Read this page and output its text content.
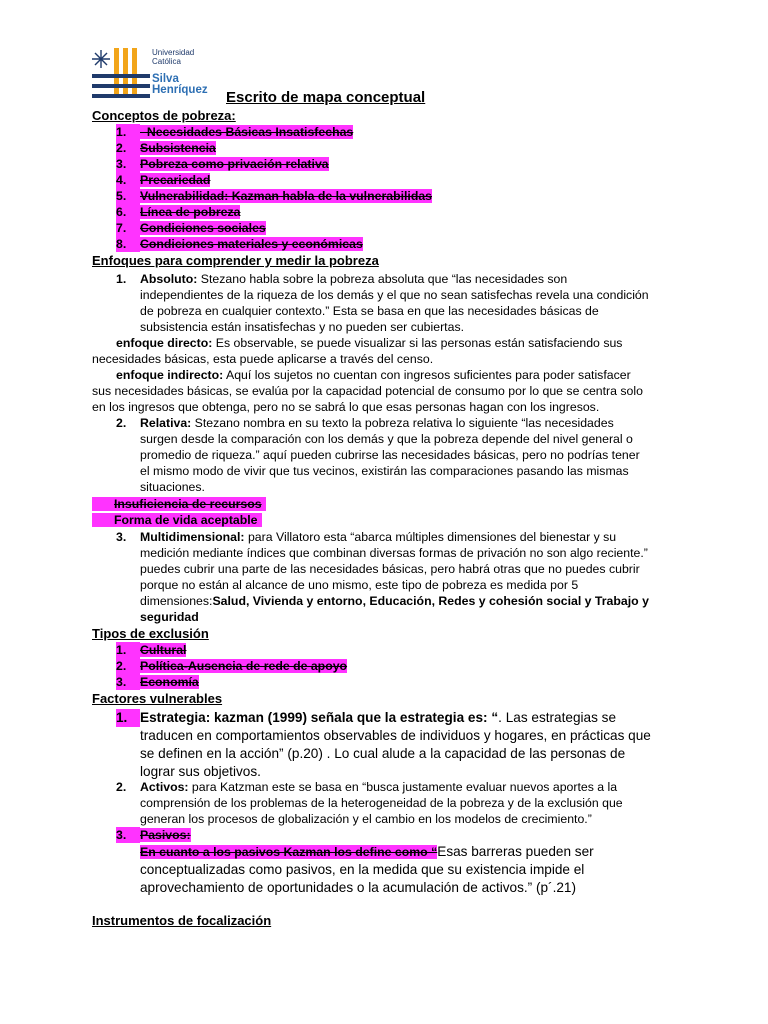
Universidad
Católica
Silva
Henríquez Escrito de mapa conceptual
Conceptos de pobreza:
1.  Necesidades Básicas Insatisfechas
2. Subsistencia
3. Pobreza como privación relativa
4. Precariedad
5. Vulnerabilidad: Kazman habla de la vulnerabilidas
6. Línea de pobreza
7. Condiciones sociales
8. Condiciones materiales y económicas
Enfoques para comprender y medir la pobreza
1. Absoluto: Stezano habla sobre la pobreza absoluta que “las necesidades son
independientes de la riqueza de los demás y el que no sean satisfechas revela una condición
de pobreza en cualquier contexto.” Esta se basa en que las necesidades básicas de
subsistencia están insatisfechas y no pueden ser cubiertas.
enfoque directo: Es observable, se puede visualizar si las personas están satisfaciendo sus
necesidades básicas, esta puede aplicarse a través del censo.
enfoque indirecto: Aquí los sujetos no cuentan con ingresos suficientes para poder satisfacer
sus necesidades básicas, se evalúa por la capacidad potencial de consumo por lo que se centra solo
en los ingresos que obtenga, pero no se sabrá lo que esas personas hagan con los ingresos.
2. Relativa: Stezano nombra en su texto la pobreza relativa lo siguiente “las necesidades
surgen desde la comparación con los demás y que la pobreza depende del nivel general o
promedio de riqueza.” aquí pueden cubrirse las necesidades básicas, pero no podrías tener
el mismo modo de vivir que tus vecinos, existirán las comparaciones pasando las mismas
situaciones.
Insuficiencia de recursos
Forma de vida aceptable
3. Multidimensional: para Villatoro esta “abarca múltiples dimensiones del bienestar y su
medición mediante índices que combinan diversas formas de privación no son algo reciente.”
puedes cubrir una parte de las necesidades básicas, pero habrá otras que no puedes cubrir
porque no están al alcance de uno mismo, este tipo de pobreza es medida por 5
dimensiones:Salud, Vivienda y entorno, Educación, Redes y cohesión social y Trabajo y
seguridad
Tipos de exclusión
1. Cultural
2. Política-Ausencia de rede de apoyo
3. Economía
Factores vulnerables
1. Estrategia: kazman (1999) señala que la estrategia es: “. Las estrategias se
traducen en comportamientos observables de individuos y hogares, en prácticas que
se definen en la acción” (p.20) . Lo cual alude a la capacidad de las personas de
lograr sus objetivos.
2. Activos: para Katzman este se basa en “busca justamente evaluar nuevos aportes a la
comprensión de los problemas de la heterogeneidad de la pobreza y de la exclusión que
generan los procesos de globalización y el cambio en los modelos de crecimiento.”
3. Pasivos:
En cuanto a los pasivos Kazman los define como “Esas barreras pueden ser
conceptualizadas como pasivos, en la medida que su existencia impide el
aprovechamiento de oportunidades o la acumulación de activos.” (p´.21)
Instrumentos de focalización
